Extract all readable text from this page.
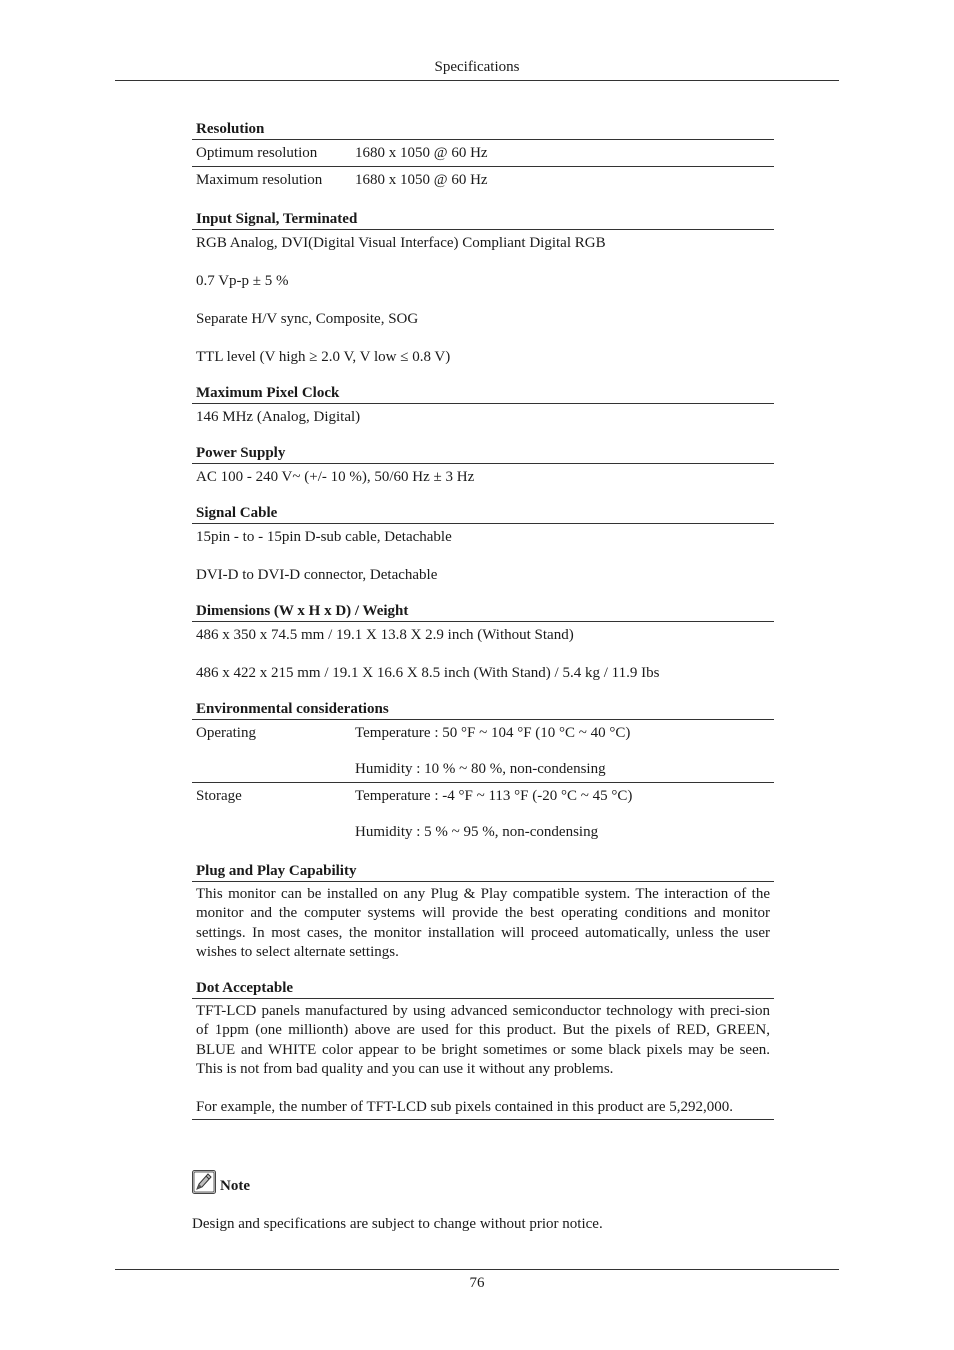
Specifications
Resolution
Optimum resolution	1680 x 1050 @ 60 Hz
Maximum resolution	1680 x 1050 @ 60 Hz
Input Signal, Terminated
RGB Analog, DVI(Digital Visual Interface) Compliant Digital RGB
0.7 Vp-p ± 5 %
Separate H/V sync, Composite, SOG
TTL level (V high ≥ 2.0 V, V low ≤ 0.8 V)
Maximum Pixel Clock
146 MHz (Analog, Digital)
Power Supply
AC 100 - 240 V~ (+/- 10 %), 50/60 Hz ± 3 Hz
Signal Cable
15pin - to - 15pin D-sub cable, Detachable
DVI-D to DVI-D connector, Detachable
Dimensions (W x H x D) / Weight
486 x 350 x 74.5 mm / 19.1 X 13.8 X 2.9 inch (Without Stand)
486 x 422 x 215 mm / 19.1 X 16.6 X 8.5 inch (With Stand) / 5.4 kg / 11.9 Ibs
Environmental considerations
Operating	Temperature : 50 °F ~ 104 °F (10 °C ~ 40 °C)
Humidity : 10 % ~ 80 %, non-condensing

Storage	Temperature : -4 °F ~ 113 °F (-20 °C ~ 45 °C)
Humidity : 5 % ~ 95 %, non-condensing
Plug and Play Capability
This monitor can be installed on any Plug & Play compatible system. The interaction of the monitor and the computer systems will provide the best operating conditions and monitor settings. In most cases, the monitor installation will proceed automatically, unless the user wishes to select alternate settings.
Dot Acceptable
TFT-LCD panels manufactured by using advanced semiconductor technology with preci-sion of 1ppm (one millionth) above are used for this product. But the pixels of RED, GREEN, BLUE and WHITE color appear to be bright sometimes or some black pixels may be seen. This is not from bad quality and you can use it without any problems.
For example, the number of TFT-LCD sub pixels contained in this product are 5,292,000.
Note
Design and specifications are subject to change without prior notice.
76
